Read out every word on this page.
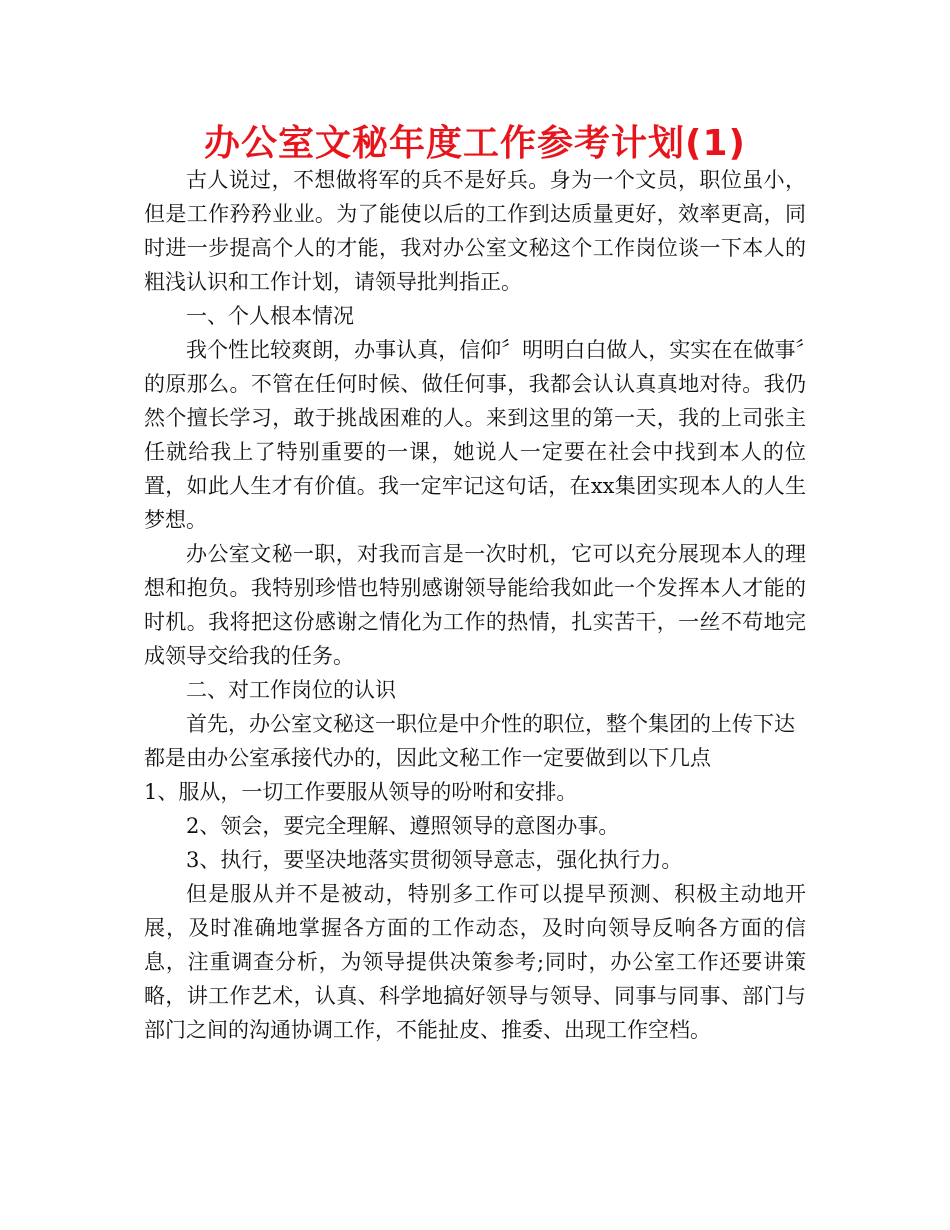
办公室文秘年度工作参考计划(1)

古人说过，不想做将军的兵不是好兵。身为一个文员，职位虽小，但是工作矜矜业业。为了能使以后的工作到达质量更好，效率更高，同时进一步提高个人的才能，我对办公室文秘这个工作岗位谈一下本人的粗浅认识和工作计划，请领导批判指正。

一、个人根本情况

我个性比较爽朗，办事认真，信仰〞明明白白做人，实实在在做事〞的原那么。不管在任何时候、做任何事，我都会认认真真地对待。我仍然个擅长学习，敢于挑战困难的人。来到这里的第一天，我的上司张主任就给我上了特别重要的一课，她说人一定要在社会中找到本人的位置，如此人生才有价值。我一定牢记这句话，在xx集团实现本人的人生梦想。

办公室文秘一职，对我而言是一次时机，它可以充分展现本人的理想和抱负。我特别珍惜也特别感谢领导能给我如此一个发挥本人才能的时机。我将把这份感谢之情化为工作的热情，扎实苦干，一丝不苟地完成领导交给我的任务。

二、对工作岗位的认识

首先，办公室文秘这一职位是中介性的职位，整个集团的上传下达都是由办公室承接代办的，因此文秘工作一定要做到以下几点

1、服从，一切工作要服从领导的吩咐和安排。

2、领会，要完全理解、遵照领导的意图办事。

3、执行，要坚决地落实贯彻领导意志，强化执行力。

但是服从并不是被动，特别多工作可以提早预测、积极主动地开展，及时准确地掌握各方面的工作动态，及时向领导反响各方面的信息，注重调查分析，为领导提供决策参考;同时，办公室工作还要讲策略，讲工作艺术，认真、科学地搞好领导与领导、同事与同事、部门与部门之间的沟通协调工作，不能扯皮、推委、出现工作空档。
